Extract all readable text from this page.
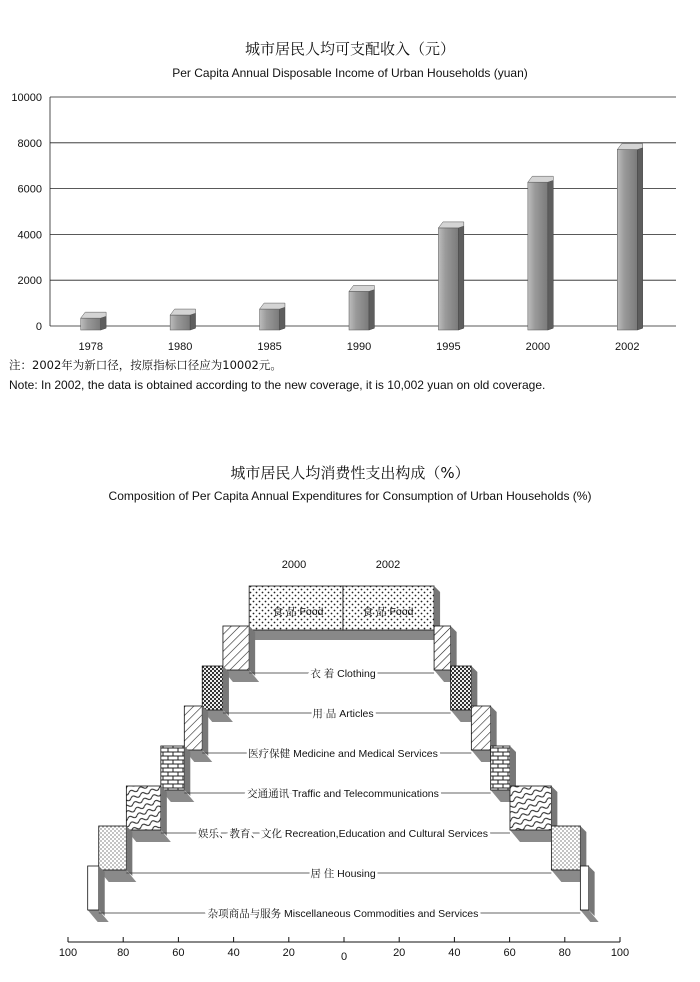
城市居民人均可支配收入（元）
Per Capita Annual Disposable Income of Urban Households (yuan)
0
2000
4000
6000
8000
10000
1978	1980	1985	1990	1995	2000	2002
注：2002年为新口径，按原指标口径应为10002元。
Note: In 2002, the data is obtained according to the new coverage, it is 10,002 yuan on old coverage.
城市居民人均消费性支出构成（%）
Composition of Per Capita Annual Expenditures for Consumption of Urban Households (%)
2000	2002
食 品 Food	食 品 Food
衣 着 Clothing
用 品 Articles
医疗保健 Medicine and Medical Services
交通通讯 Traffic and Telecommunications
娱乐、教育、文化 Recreation,Education and Cultural Services
居 住 Housing
杂项商品与服务 Miscellaneous Commodities and Services
100	80	60	40	20	0	20	40	60	80	100
